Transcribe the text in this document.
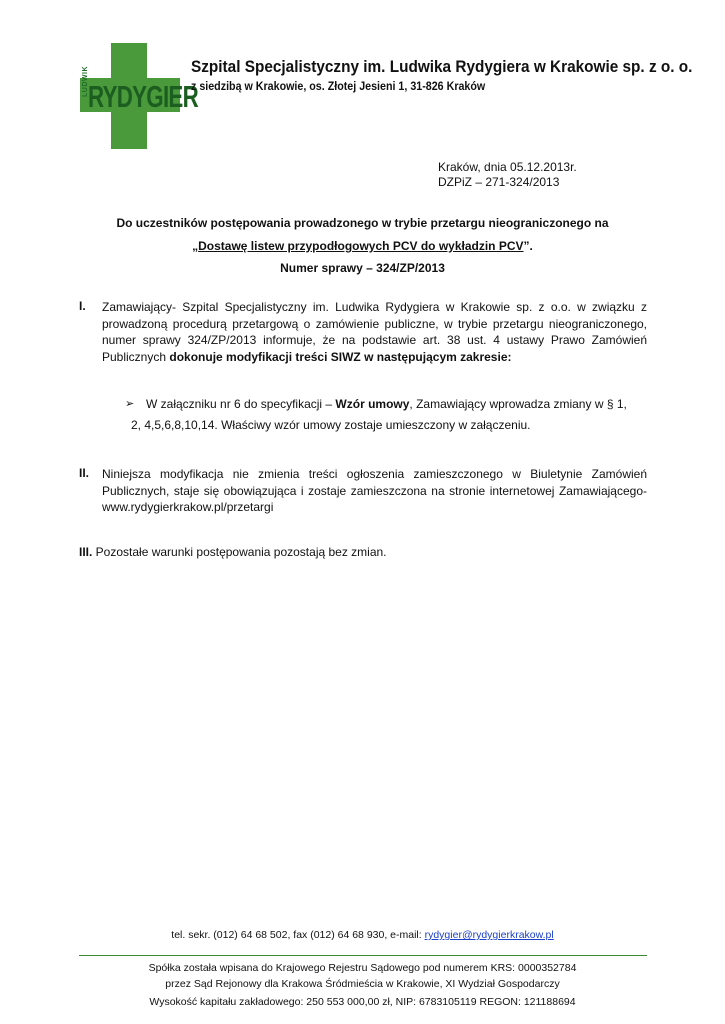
LUDWIK RYDYGIER
Szpital Specjalistyczny im. Ludwika Rydygiera w Krakowie sp. z o. o.
z siedzibą w Krakowie, os. Złotej Jesieni 1, 31-826 Kraków
Kraków, dnia 05.12.2013r.
DZPiZ – 271-324/2013
Do uczestników postępowania prowadzonego w trybie przetargu nieograniczonego na
„Dostawę listew przypodłogowych PCV do wykładzin PCV”.
Numer sprawy – 324/ZP/2013
I. Zamawiający- Szpital Specjalistyczny im. Ludwika Rydygiera w Krakowie sp. z o.o. w związku z prowadzoną procedurą przetargową o zamówienie publiczne, w trybie przetargu nieograniczonego, numer sprawy 324/ZP/2013 informuje, że na podstawie art. 38 ust. 4 ustawy Prawo Zamówień Publicznych dokonuje modyfikacji treści SIWZ w następującym zakresie:
➢ W załączniku nr 6 do specyfikacji – Wzór umowy, Zamawiający wprowadza zmiany w § 1,
2, 4,5,6,8,10,14. Właściwy wzór umowy zostaje umieszczony w załączeniu.
II. Niniejsza modyfikacja nie zmienia treści ogłoszenia zamieszczonego w Biuletynie Zamówień Publicznych, staje się obowiązująca i zostaje zamieszczona na stronie internetowej Zamawiającego- www.rydygierkrakow.pl/przetargi
III. Pozostałe warunki postępowania pozostają bez zmian.
tel. sekr. (012) 64 68 502, fax (012) 64 68 930, e-mail: rydygier@rydygierkrakow.pl
Spółka została wpisana do Krajowego Rejestru Sądowego pod numerem KRS: 0000352784
przez Sąd Rejonowy dla Krakowa Śródmieścia w Krakowie, XI Wydział Gospodarczy
Wysokość kapitału zakładowego: 250 553 000,00 zł, NIP: 6783105119 REGON: 121188694
